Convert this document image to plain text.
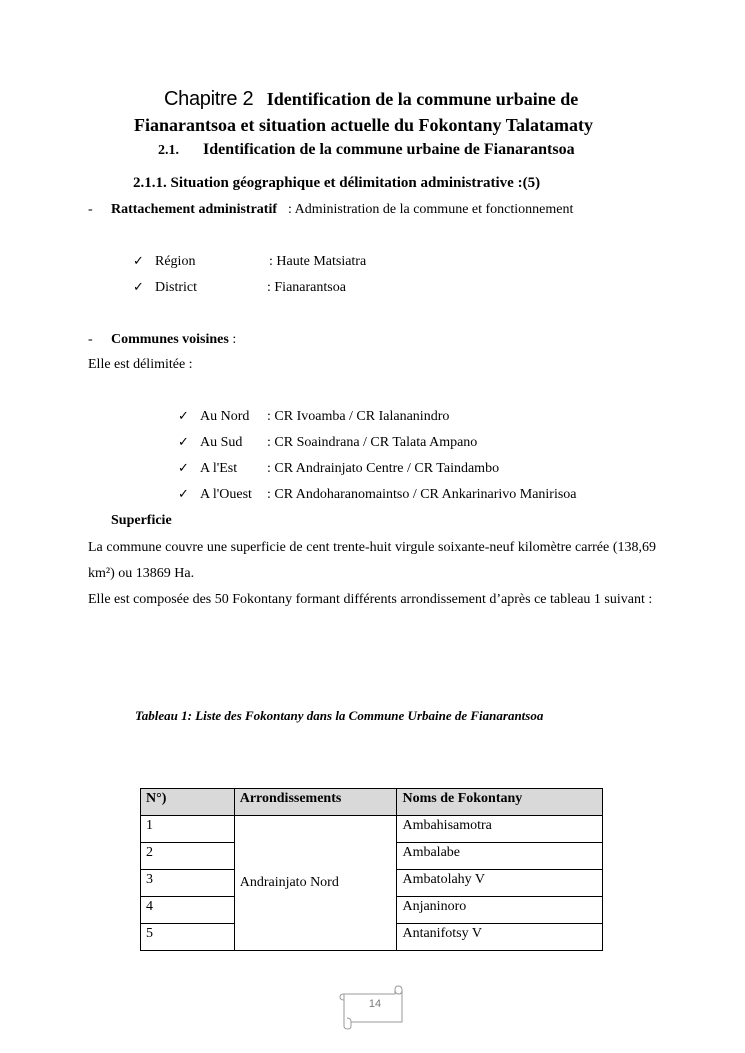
Chapitre 2 Identification de la commune urbaine de
Fianarantsoa et situation actuelle du Fokontany Talatamaty
2.1. Identification de la commune urbaine de Fianarantsoa
2.1.1. Situation géographique et délimitation administrative :(5)
- Rattachement administratif : Administration de la commune et fonctionnement
✓ Région	: Haute Matsiatra
✓ District	: Fianarantsoa
- Communes voisines :
Elle est délimitée :
✓ Au Nord : CR Ivoamba / CR Ialananindro
✓ Au Sud : CR Soaindrana / CR Talata Ampano
✓ A l'Est : CR Andrainjato Centre / CR Taindambo
✓ A l'Ouest : CR Andoharanomaintso / CR Ankarinarivo Manirisoa
Superficie
La commune couvre une superficie de cent trente-huit virgule soixante-neuf kilomètre carrée (138,69 km²) ou 13869 Ha.
Elle est composée des 50 Fokontany formant différents arrondissement d’après ce tableau 1 suivant :
Tableau 1: Liste des Fokontany dans la Commune Urbaine de Fianarantsoa
N°)	Arrondissements	Noms de Fokontany
1	Andrainjato Nord	Ambahisamotra
2		Ambalabe
3		Ambatolahy V
4		Anjaninoro
5		Antanifotsy V
14
